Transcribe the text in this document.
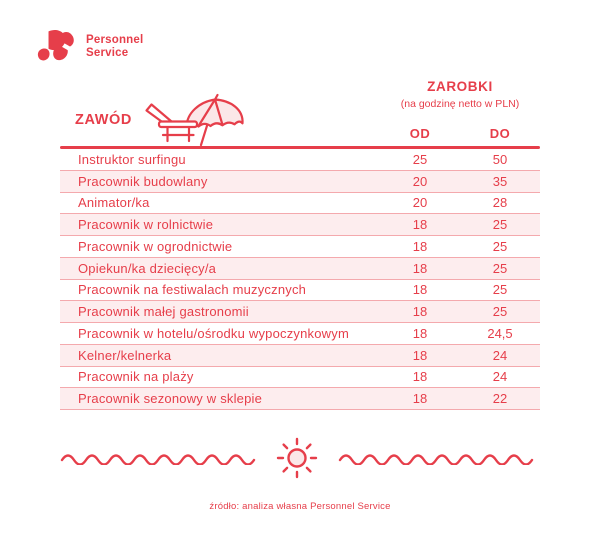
Personnel
Service
ZAWÓD
ZAROBKI
(na godzinę netto w PLN)
OD	DO
Instruktor surfingu	25	50
Pracownik budowlany	20	35
Animator/ka	20	28
Pracownik w rolnictwie	18	25
Pracownik w ogrodnictwie	18	25
Opiekun/ka dziecięcy/a	18	25
Pracownik na festiwalach muzycznych	18	25
Pracownik małej gastronomii	18	25
Pracownik w hotelu/ośrodku wypoczynkowym	18	24,5
Kelner/kelnerka	18	24
Pracownik na plaży	18	24
Pracownik sezonowy w sklepie	18	22
źródło: analiza własna Personnel Service
